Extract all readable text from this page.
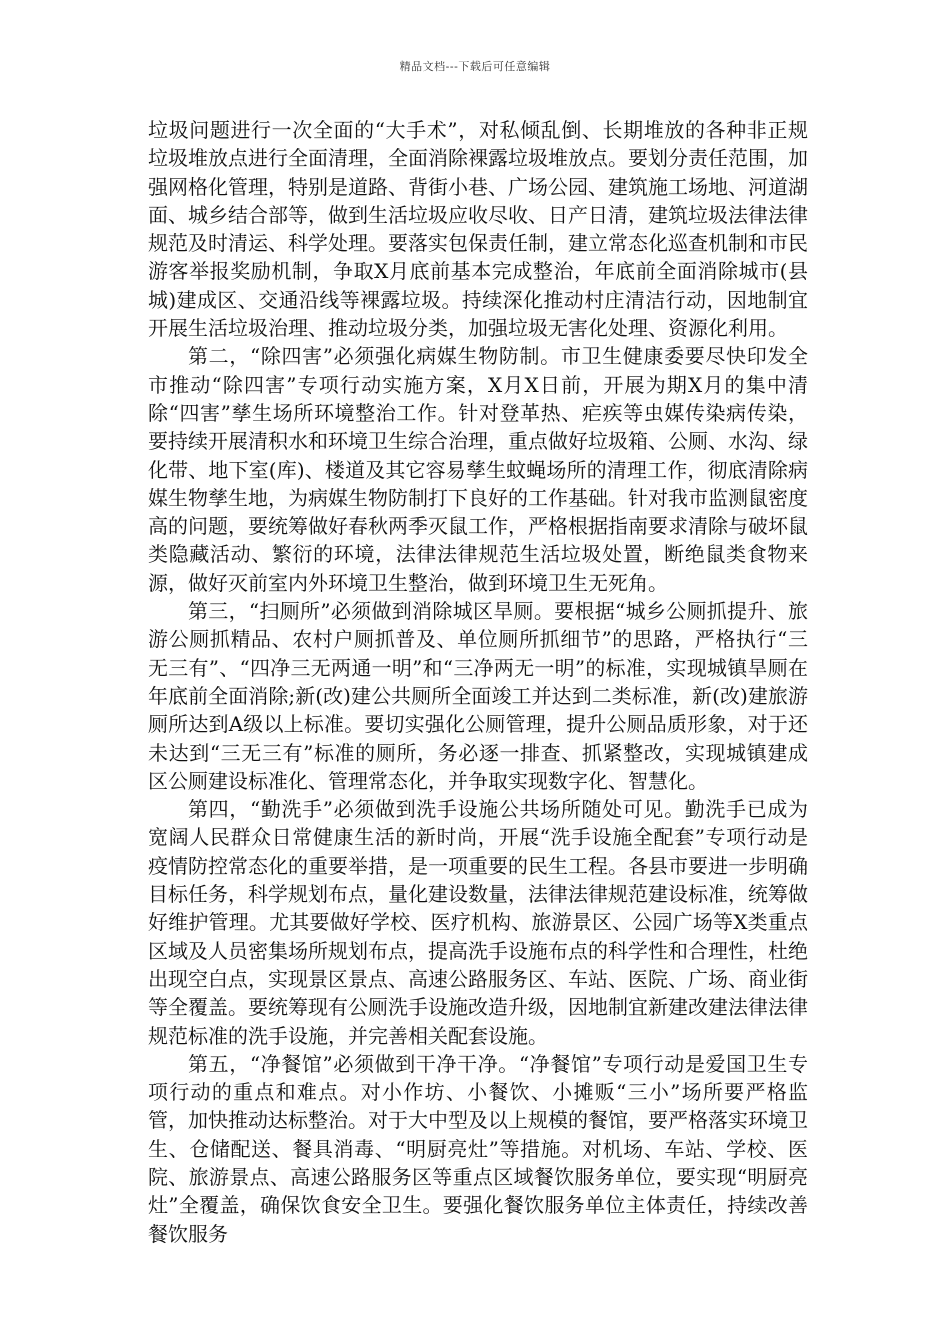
精品文档---下载后可任意编辑

垃圾问题进行一次全面的“大手术”，对私倾乱倒、长期堆放的各种非正规垃圾堆放点进行全面清理，全面消除裸露垃圾堆放点。要划分责任范围，加强网格化管理，特别是道路、背街小巷、广场公园、建筑施工场地、河道湖面、城乡结合部等，做到生活垃圾应收尽收、日产日清，建筑垃圾法律法律规范及时清运、科学处理。要落实包保责任制，建立常态化巡查机制和市民游客举报奖励机制，争取X月底前基本完成整治，年底前全面消除城市(县城)建成区、交通沿线等裸露垃圾。持续深化推动村庄清洁行动，因地制宜开展生活垃圾治理、推动垃圾分类，加强垃圾无害化处理、资源化利用。

第二，“除四害”必须强化病媒生物防制。市卫生健康委要尽快印发全市推动“除四害”专项行动实施方案，X月X日前，开展为期X月的集中清除“四害”孳生场所环境整治工作。针对登革热、疟疾等虫媒传染病传染，要持续开展清积水和环境卫生综合治理，重点做好垃圾箱、公厕、水沟、绿化带、地下室(库)、楼道及其它容易孳生蚊蝇场所的清理工作，彻底清除病媒生物孳生地，为病媒生物防制打下良好的工作基础。针对我市监测鼠密度高的问题，要统筹做好春秋两季灭鼠工作，严格根据指南要求清除与破坏鼠类隐藏活动、繁衍的环境，法律法律规范生活垃圾处置，断绝鼠类食物来源，做好灭前室内外环境卫生整治，做到环境卫生无死角。

第三，“扫厕所”必须做到消除城区旱厕。要根据“城乡公厕抓提升、旅游公厕抓精品、农村户厕抓普及、单位厕所抓细节”的思路，严格执行“三无三有”、“四净三无两通一明”和“三净两无一明”的标准，实现城镇旱厕在年底前全面消除;新(改)建公共厕所全面竣工并达到二类标准，新(改)建旅游厕所达到A级以上标准。要切实强化公厕管理，提升公厕品质形象，对于还未达到“三无三有”标准的厕所，务必逐一排查、抓紧整改，实现城镇建成区公厕建设标准化、管理常态化，并争取实现数字化、智慧化。

第四，“勤洗手”必须做到洗手设施公共场所随处可见。勤洗手已成为宽阔人民群众日常健康生活的新时尚，开展“洗手设施全配套”专项行动是疫情防控常态化的重要举措，是一项重要的民生工程。各县市要进一步明确目标任务，科学规划布点，量化建设数量，法律法律规范建设标准，统筹做好维护管理。尤其要做好学校、医疗机构、旅游景区、公园广场等X类重点区域及人员密集场所规划布点，提高洗手设施布点的科学性和合理性，杜绝出现空白点，实现景区景点、高速公路服务区、车站、医院、广场、商业街等全覆盖。要统筹现有公厕洗手设施改造升级，因地制宜新建改建法律法律规范标准的洗手设施，并完善相关配套设施。

第五，“净餐馆”必须做到干净干净。“净餐馆”专项行动是爱国卫生专项行动的重点和难点。对小作坊、小餐饮、小摊贩“三小”场所要严格监管，加快推动达标整治。对于大中型及以上规模的餐馆，要严格落实环境卫生、仓储配送、餐具消毒、“明厨亮灶”等措施。对机场、车站、学校、医院、旅游景点、高速公路服务区等重点区域餐饮服务单位，要实现“明厨亮灶”全覆盖，确保饮食安全卫生。要强化餐饮服务单位主体责任，持续改善餐饮服务
